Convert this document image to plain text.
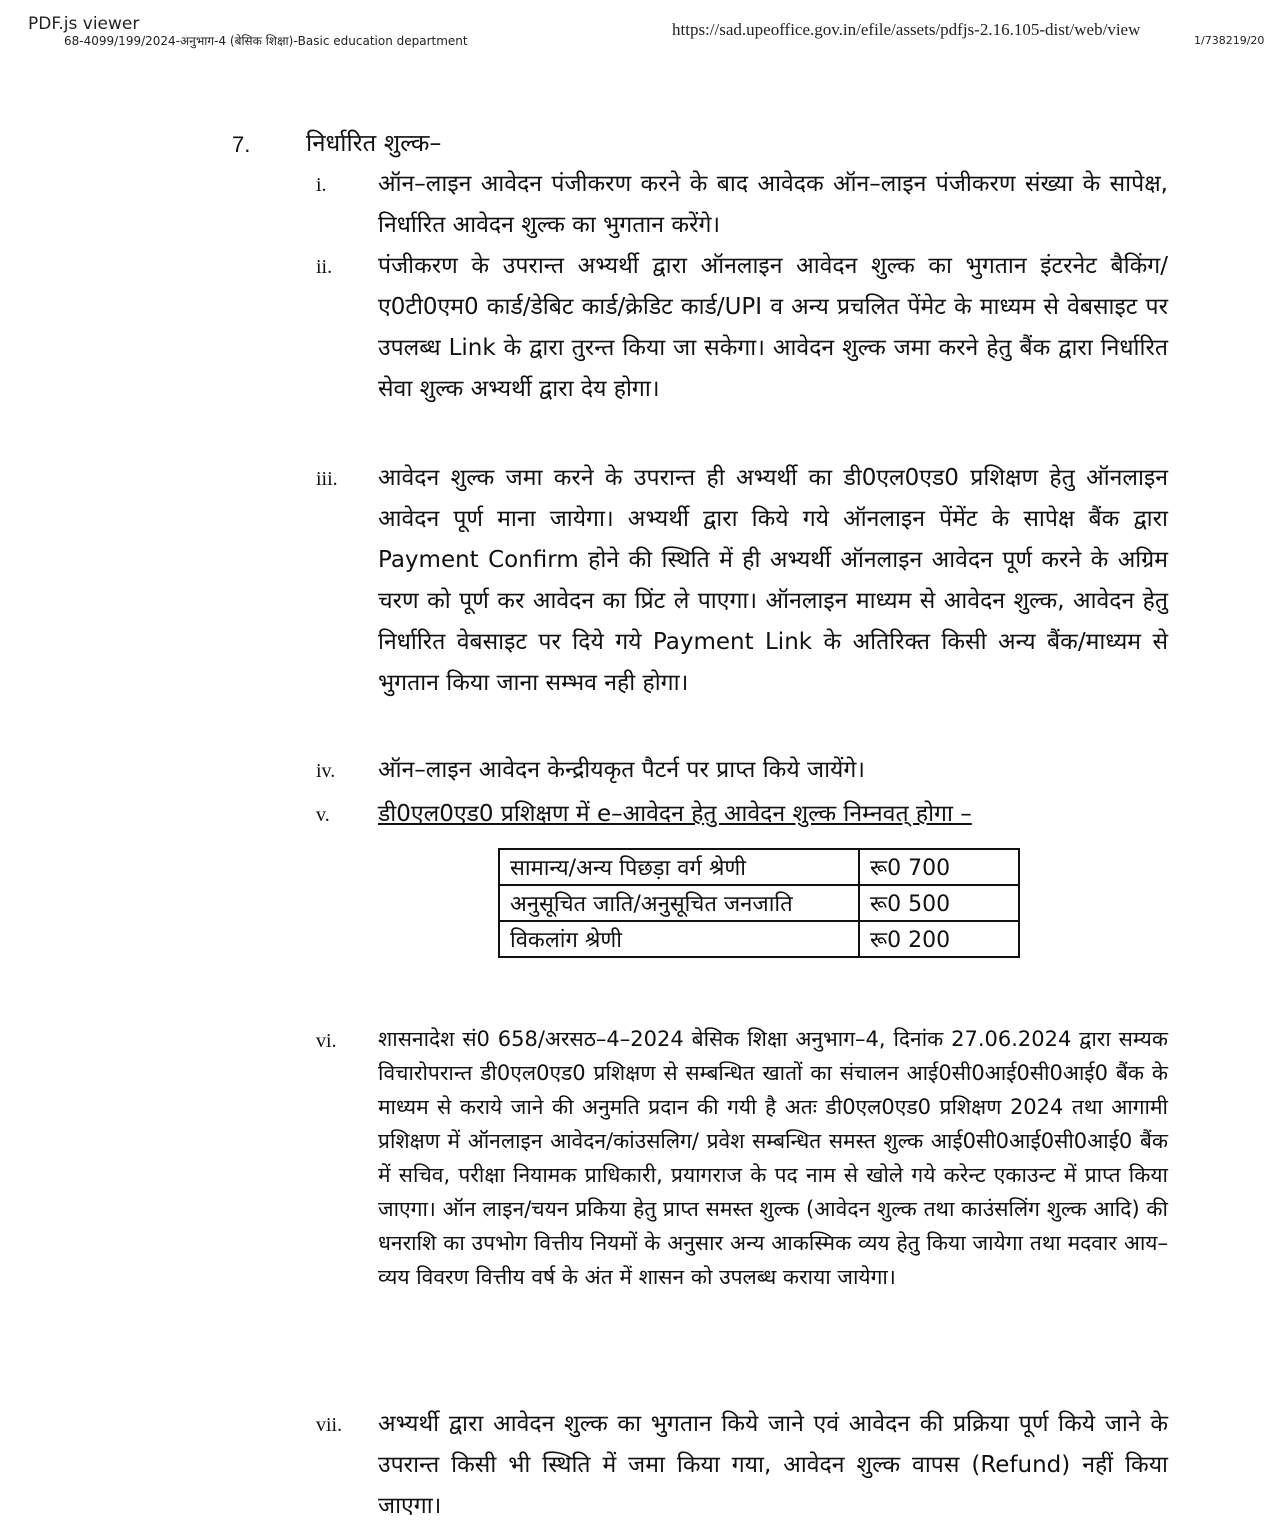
PDF.js viewer
68-4099/199/2024-अनुभाग-4 (बेसिक शिक्षा)-Basic education department
https://sad.upeoffice.gov.in/efile/assets/pdfjs-2.16.105-dist/web/view
1/738219/20
7. निर्धारित शुल्क–
i. ऑन–लाइन आवेदन पंजीकरण करने के बाद आवेदक ऑन–लाइन पंजीकरण संख्या के सापेक्ष, निर्धारित आवेदन शुल्क का भुगतान करेंगे।
ii. पंजीकरण के उपरान्त अभ्यर्थी द्वारा ऑनलाइन आवेदन शुल्क का भुगतान इंटरनेट बैकिंग/ए0टी0एम0 कार्ड/डेबिट कार्ड/क्रेडिट कार्ड/UPI व अन्य प्रचलित पेंमेट के माध्यम से वेबसाइट पर उपलब्ध Link के द्वारा तुरन्त किया जा सकेगा। आवेदन शुल्क जमा करने हेतु बैंक द्वारा निर्धारित सेवा शुल्क अभ्यर्थी द्वारा देय होगा।
iii. आवेदन शुल्क जमा करने के उपरान्त ही अभ्यर्थी का डी0एल0एड0 प्रशिक्षण हेतु ऑनलाइन आवेदन पूर्ण माना जायेगा। अभ्यर्थी द्वारा किये गये ऑनलाइन पेंमेंट के सापेक्ष बैंक द्वारा Payment Confirm होने की स्थिति में ही अभ्यर्थी ऑनलाइन आवेदन पूर्ण करने के अग्रिम चरण को पूर्ण कर आवेदन का प्रिंट ले पाएगा। ऑनलाइन माध्यम से आवेदन शुल्क, आवेदन हेतु निर्धारित वेबसाइट पर दिये गये Payment Link के अतिरिक्त किसी अन्य बैंक/माध्यम से भुगतान किया जाना सम्भव नही होगा।
iv. ऑन–लाइन आवेदन केन्द्रीयकृत पैटर्न पर प्राप्त किये जायेंगे।
v. डी0एल0एड0 प्रशिक्षण में e–आवेदन हेतु आवेदन शुल्क निम्नवत् होगा –
सामान्य/अन्य पिछड़ा वर्ग श्रेणी	रू0 700
अनुसूचित जाति/अनुसूचित जनजाति	रू0 500
विकलांग श्रेणी	रू0 200
vi. शासनादेश सं0 658/अरसठ–4–2024 बेसिक शिक्षा अनुभाग–4, दिनांक 27.06.2024 द्वारा सम्यक विचारोपरान्त डी0एल0एड0 प्रशिक्षण से सम्बन्धित खातों का संचालन आई0सी0आई0सी0आई0 बैंक के माध्यम से कराये जाने की अनुमति प्रदान की गयी है अतः डी0एल0एड0 प्रशिक्षण 2024 तथा आगामी प्रशिक्षण में ऑनलाइन आवेदन/कांउसलिग/ प्रवेश सम्बन्धित समस्त शुल्क आई0सी0आई0सी0आई0 बैंक में सचिव, परीक्षा नियामक प्राधिकारी, प्रयागराज के पद नाम से खोले गये करेन्ट एकाउन्ट में प्राप्त किया जाएगा। ऑन लाइन/चयन प्रकिया हेतु प्राप्त समस्त शुल्क (आवेदन शुल्क तथा काउंसलिंग शुल्क आदि) की धनराशि का उपभोग वित्तीय नियमों के अनुसार अन्य आकस्मिक व्यय हेतु किया जायेगा तथा मदवार आय–व्यय विवरण वित्तीय वर्ष के अंत में शासन को उपलब्ध कराया जायेगा।
vii. अभ्यर्थी द्वारा आवेदन शुल्क का भुगतान किये जाने एवं आवेदन की प्रक्रिया पूर्ण किये जाने के उपरान्त किसी भी स्थिति में जमा किया गया, आवेदन शुल्क वापस (Refund) नहीं किया जाएगा।
